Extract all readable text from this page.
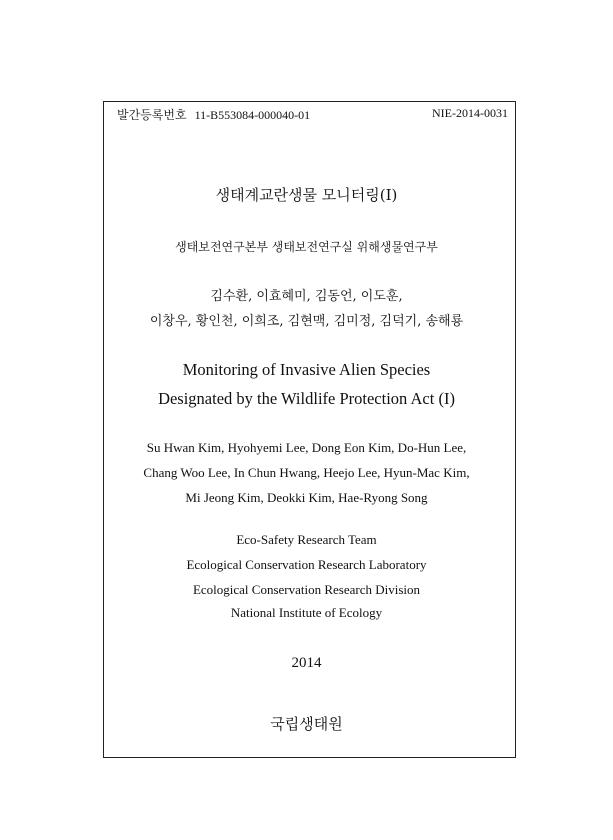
발간등록번호 11-B553084-000040-01	NIE-2014-0031
생태계교란생물 모니터링(I)
생태보전연구본부 생태보전연구실 위해생물연구부
김수환, 이효혜미, 김동언, 이도훈,
이창우, 황인천, 이희조, 김현맥, 김미정, 김덕기, 송해룡
Monitoring of Invasive Alien Species
Designated by the Wildlife Protection Act (I)
Su Hwan Kim, Hyohyemi Lee, Dong Eon Kim, Do-Hun Lee,
Chang Woo Lee, In Chun Hwang, Heejo Lee, Hyun-Mac Kim,
Mi Jeong Kim, Deokki Kim, Hae-Ryong Song
Eco-Safety Research Team
Ecological Conservation Research Laboratory
Ecological Conservation Research Division
National Institute of Ecology
2014
국립생태원
